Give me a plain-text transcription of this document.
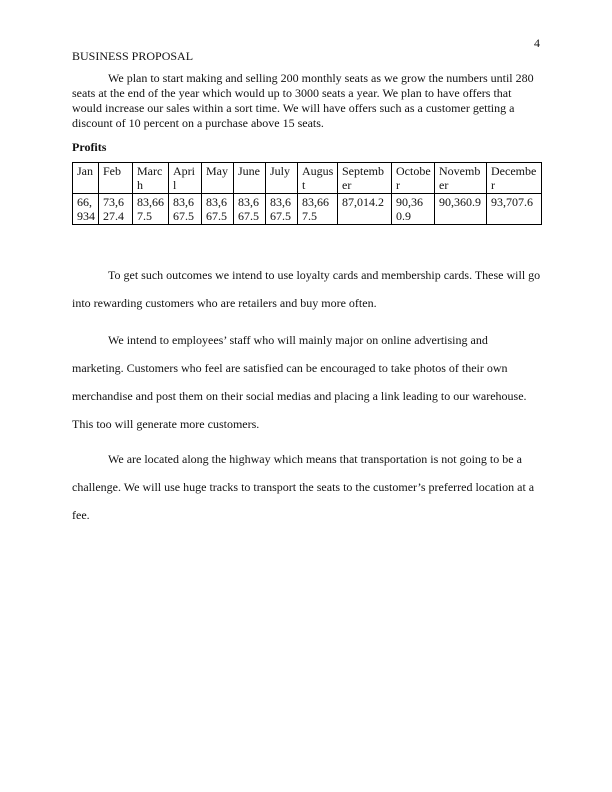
4
BUSINESS PROPOSAL

We plan to start making and selling 200 monthly seats as we grow the numbers until 280 seats at the end of the year which would up to 3000 seats a year. We plan to have offers that would increase our sales within a sort time. We will have offers such as a customer getting a discount of 10 percent on a purchase above 15 seats.

Profits
Jan	Feb	March	April	May	June	July	August	September	October	November	December
66,934	73,627.4	83,667.5	83,667.5	83,667.5	83,667.5	83,667.5	83,667.5	87,014.2	90,360.9	90,360.9	93,707.6

To get such outcomes we intend to use loyalty cards and membership cards. These will go into rewarding customers who are retailers and buy more often.

We intend to employees’ staff who will mainly major on online advertising and marketing. Customers who feel are satisfied can be encouraged to take photos of their own merchandise and post them on their social medias and placing a link leading to our warehouse. This too will generate more customers.

We are located along the highway which means that transportation is not going to be a challenge. We will use huge tracks to transport the seats to the customer’s preferred location at a fee.
